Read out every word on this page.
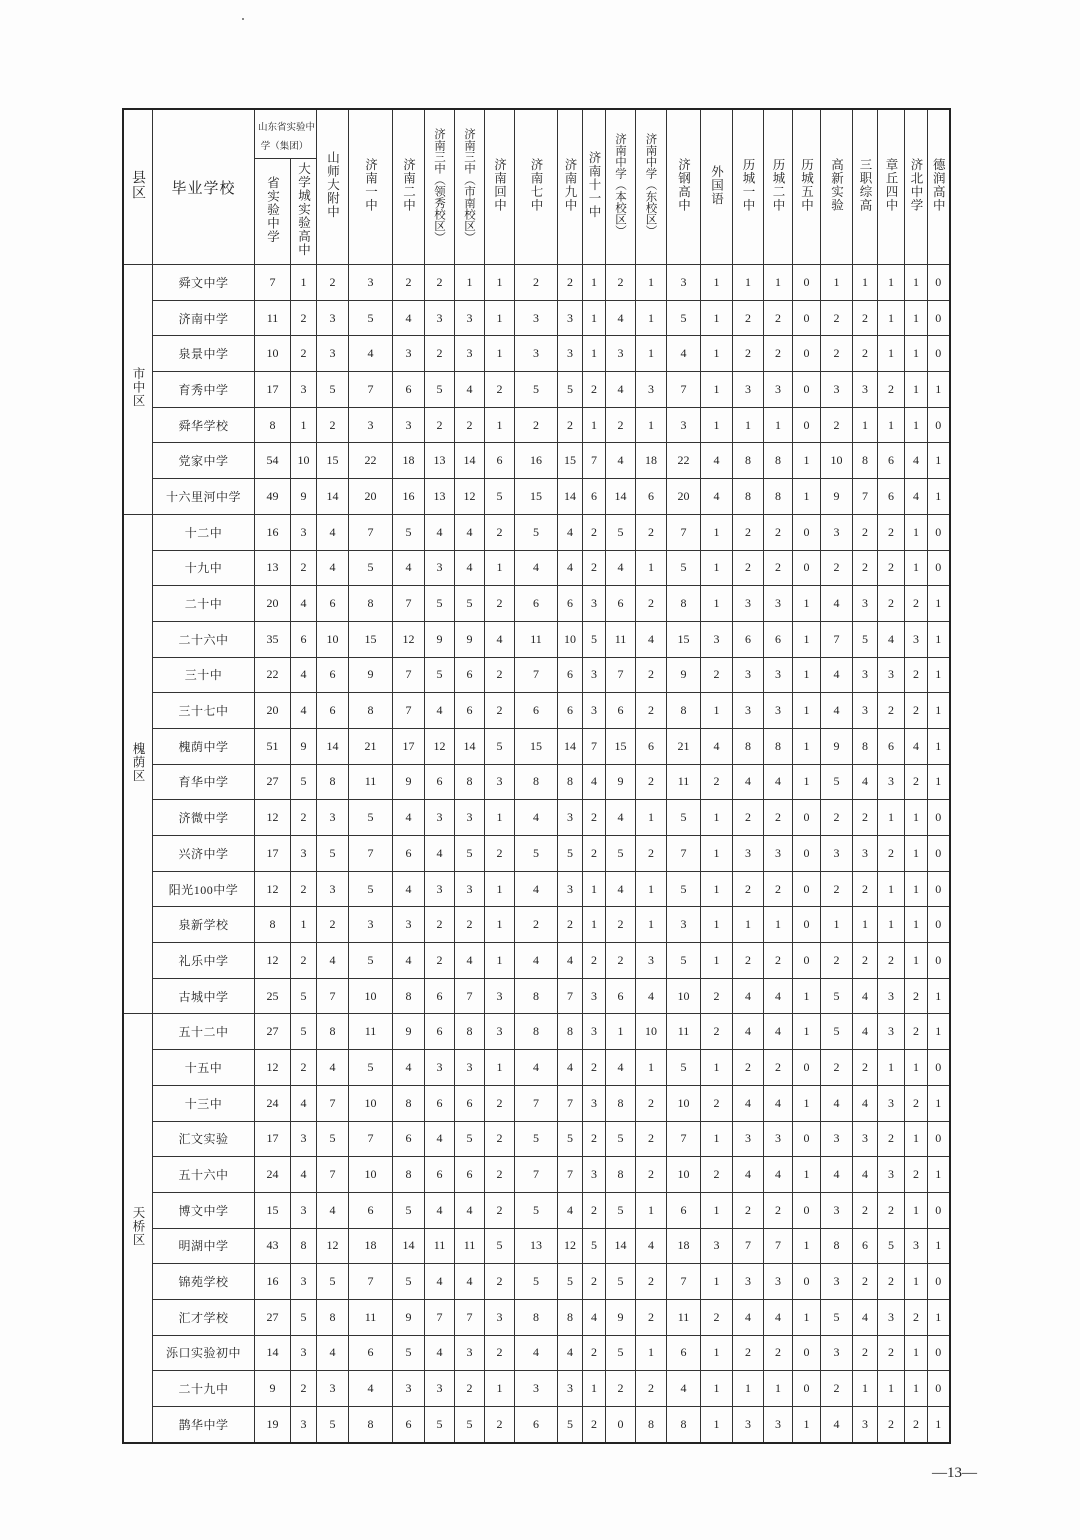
县区	毕业学校	山东省实验中学（集团）		山师大附中	济南一中	济南二中	济南三中（领秀校区）	济南三中（市南校区）	济南回中	济南七中	济南九中	济南十一中	济南中学（本校区）	济南中学（东校区）	济钢高中	外国语	历城一中	历城二中	历城五中	高新实验	三职综高	章丘四中	济北中学	德润高中
		省实验中学	大学城实验高中																					
市中区	舜文中学	7	1	2	3	2	2	1	1	2	2	1	2	1	3	1	1	1	0	1	1	1	1	0
	济南中学	11	2	3	5	4	3	3	1	3	3	1	4	1	5	1	2	2	0	2	2	1	1	0
	泉景中学	10	2	3	4	3	2	3	1	3	3	1	3	1	4	1	2	2	0	2	2	1	1	0
	育秀中学	17	3	5	7	6	5	4	2	5	5	2	4	3	7	1	3	3	0	3	3	2	1	1
	舜华学校	8	1	2	3	3	2	2	1	2	2	1	2	1	3	1	1	1	0	2	1	1	1	0
	党家中学	54	10	15	22	18	13	14	6	16	15	7	4	18	22	4	8	8	1	10	8	6	4	1
	十六里河中学	49	9	14	20	16	13	12	5	15	14	6	14	6	20	4	8	8	1	9	7	6	4	1
槐荫区	十二中	16	3	4	7	5	4	4	2	5	4	2	5	2	7	1	2	2	0	3	2	2	1	0
	十九中	13	2	4	5	4	3	4	1	4	4	2	4	1	5	1	2	2	0	2	2	2	1	0
	二十中	20	4	6	8	7	5	5	2	6	6	3	6	2	8	1	3	3	1	4	3	2	2	1
	二十六中	35	6	10	15	12	9	9	4	11	10	5	11	4	15	3	6	6	1	7	5	4	3	1
	三十中	22	4	6	9	7	5	6	2	7	6	3	7	2	9	2	3	3	1	4	3	3	2	1
	三十七中	20	4	6	8	7	4	6	2	6	6	3	6	2	8	1	3	3	1	4	3	2	2	1
	槐荫中学	51	9	14	21	17	12	14	5	15	14	7	15	6	21	4	8	8	1	9	8	6	4	1
	育华中学	27	5	8	11	9	6	8	3	8	8	4	9	2	11	2	4	4	1	5	4	3	2	1
	济微中学	12	2	3	5	4	3	3	1	4	3	2	4	1	5	1	2	2	0	2	2	1	1	0
	兴济中学	17	3	5	7	6	4	5	2	5	5	2	5	2	7	1	3	3	0	3	3	2	1	0
	阳光100中学	12	2	3	5	4	3	3	1	4	3	1	4	1	5	1	2	2	0	2	2	1	1	0
	泉新学校	8	1	2	3	3	2	2	1	2	2	1	2	1	3	1	1	1	0	1	1	1	1	0
	礼乐中学	12	2	4	5	4	2	4	1	4	4	2	2	3	5	1	2	2	0	2	2	2	1	0
	古城中学	25	5	7	10	8	6	7	3	8	7	3	6	4	10	2	4	4	1	5	4	3	2	1
天桥区	五十二中	27	5	8	11	9	6	8	3	8	8	3	1	10	11	2	4	4	1	5	4	3	2	1
	十五中	12	2	4	5	4	3	3	1	4	4	2	4	1	5	1	2	2	0	2	2	1	1	0
	十三中	24	4	7	10	8	6	6	2	7	7	3	8	2	10	2	4	4	1	4	4	3	2	1
	汇文实验	17	3	5	7	6	4	5	2	5	5	2	5	2	7	1	3	3	0	3	3	2	1	0
	五十六中	24	4	7	10	8	6	6	2	7	7	3	8	2	10	2	4	4	1	4	4	3	2	1
	博文中学	15	3	4	6	5	4	4	2	5	4	2	5	1	6	1	2	2	0	3	2	2	1	0
	明湖中学	43	8	12	18	14	11	11	5	13	12	5	14	4	18	3	7	7	1	8	6	5	3	1
	锦苑学校	16	3	5	7	5	4	4	2	5	5	2	5	2	7	1	3	3	0	3	2	2	1	0
	汇才学校	27	5	8	11	9	7	7	3	8	8	4	9	2	11	2	4	4	1	5	4	3	2	1
	泺口实验初中	14	3	4	6	5	4	3	2	4	4	2	5	1	6	1	2	2	0	3	2	2	1	0
	二十九中	9	2	3	4	3	3	2	1	3	3	1	2	2	4	1	1	1	0	2	1	1	1	0
	鹊华中学	19	3	5	8	6	5	5	2	6	5	2	0	8	8	1	3	3	1	4	3	2	2	1
—13—
